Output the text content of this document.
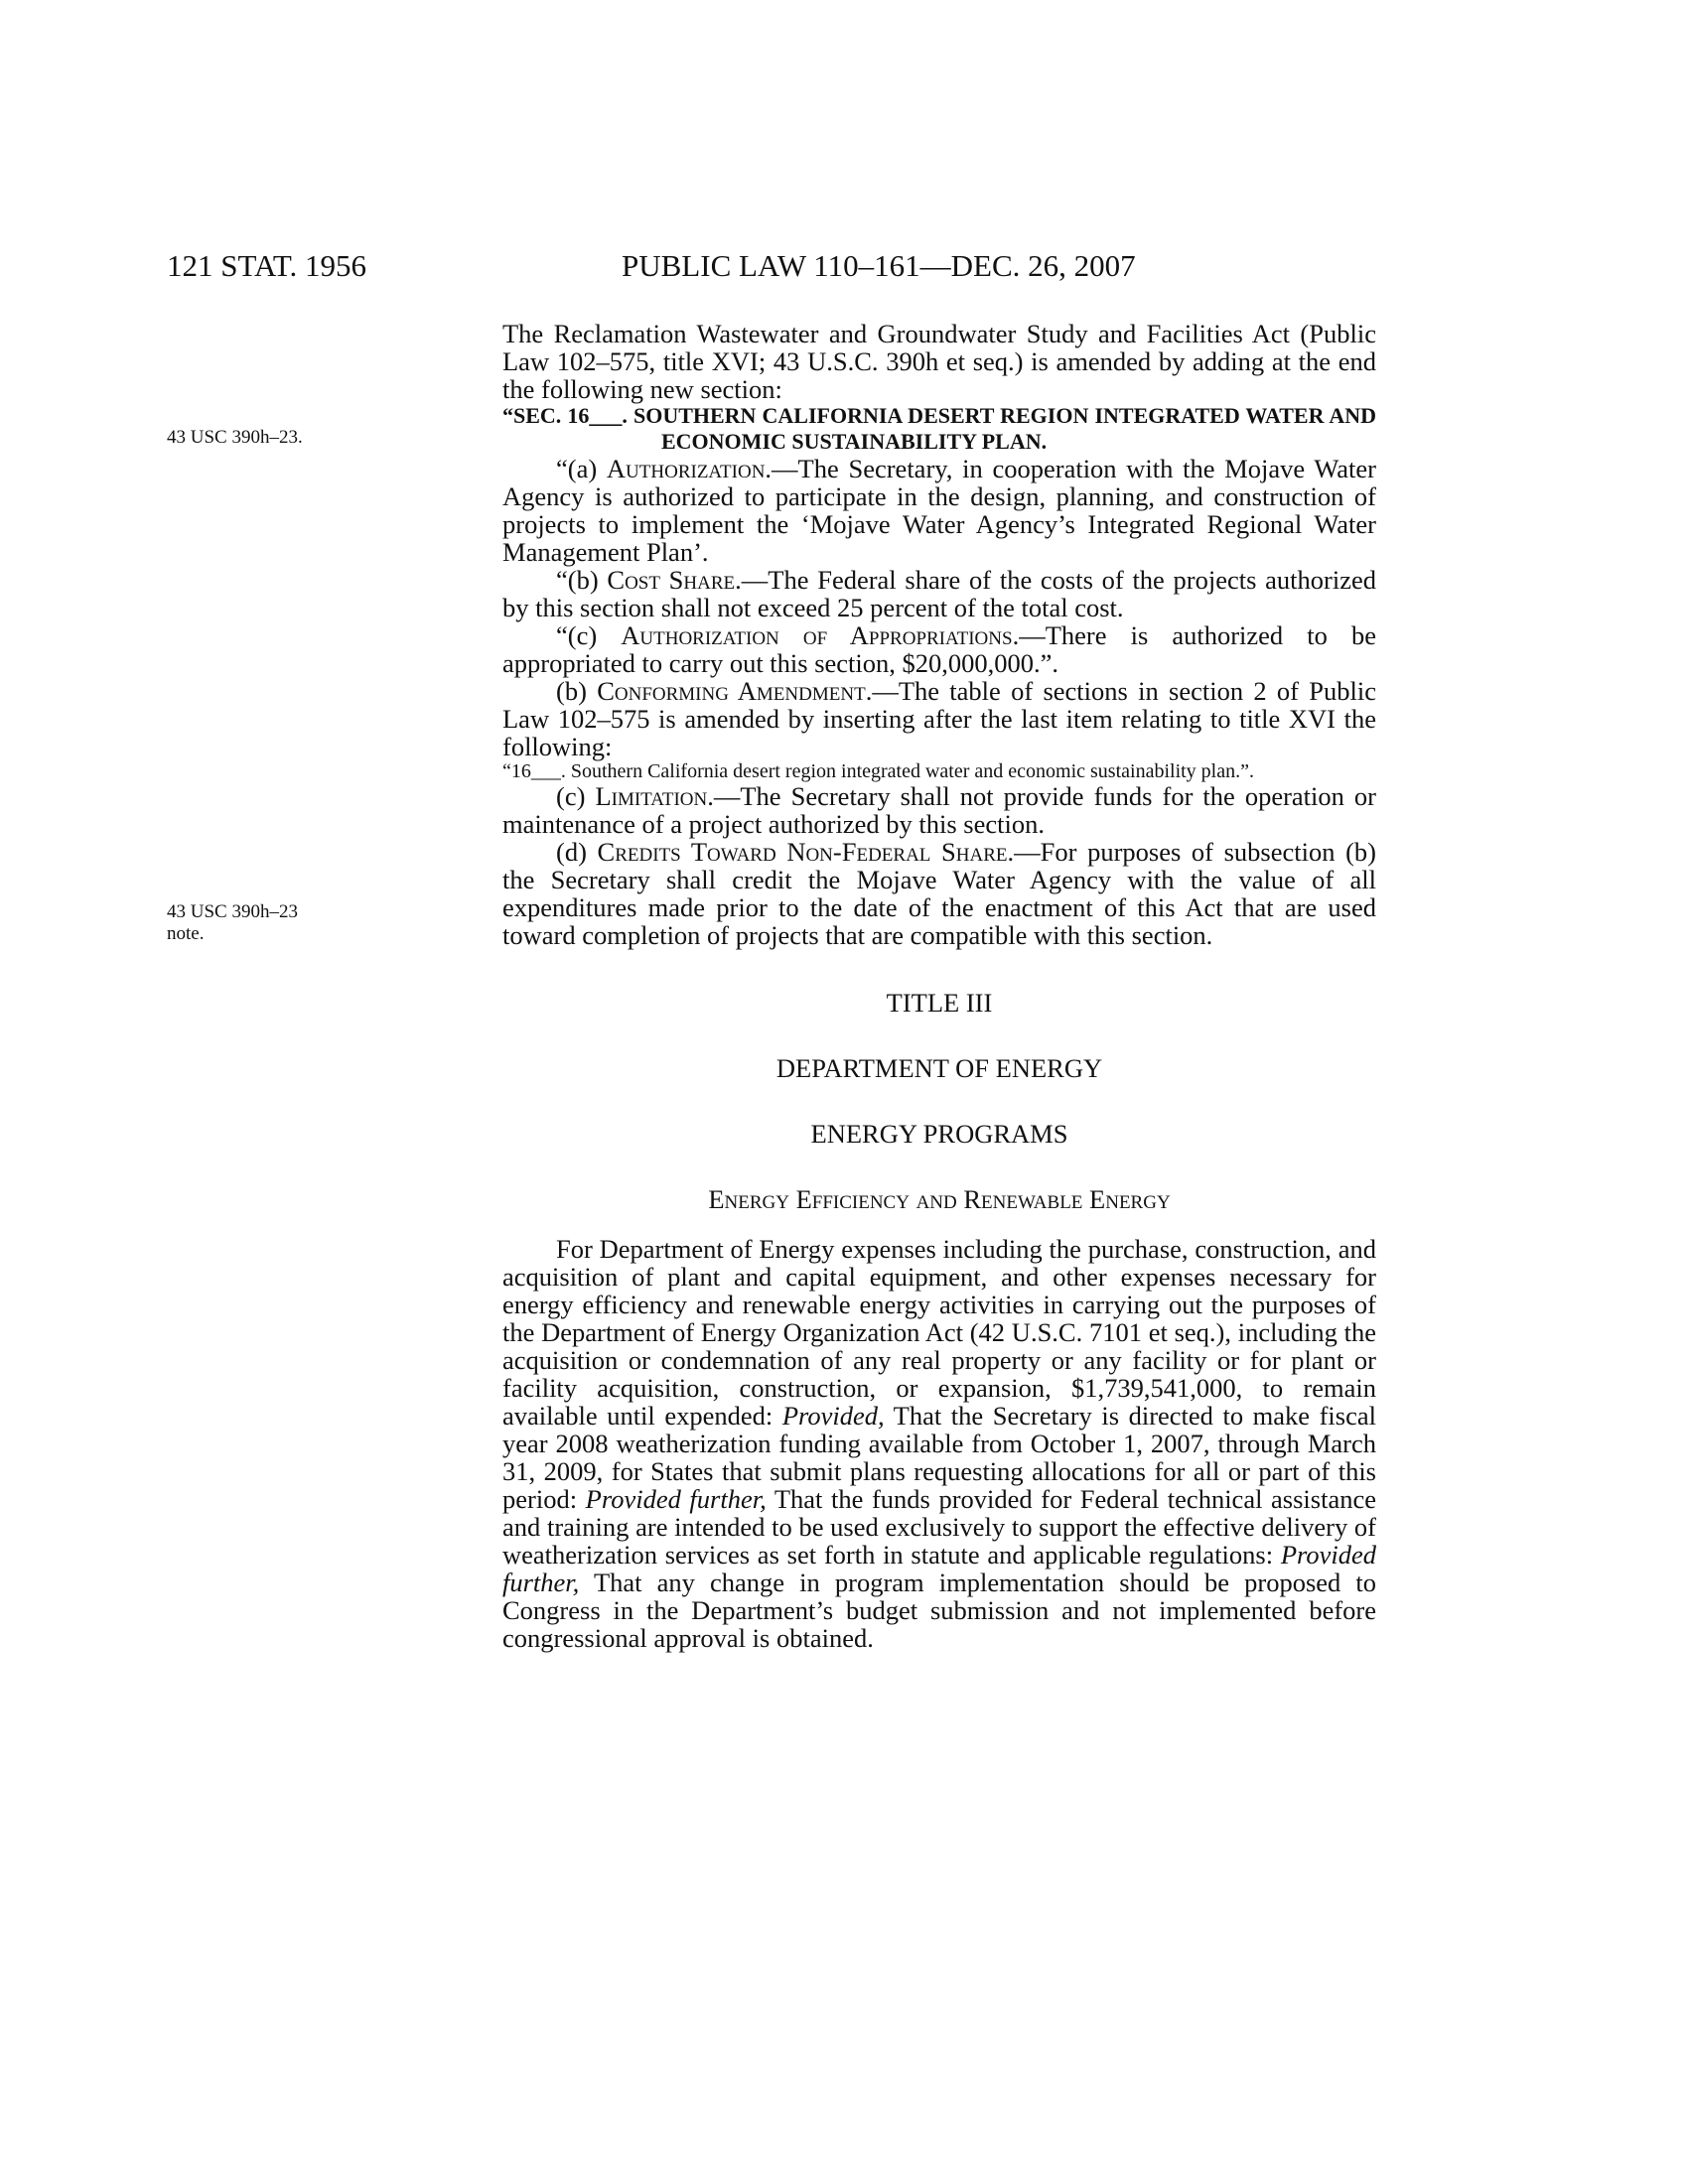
121 STAT. 1956	PUBLIC LAW 110–161—DEC. 26, 2007
43 USC 390h–23.
43 USC 390h–23
note.

The Reclamation Wastewater and Groundwater Study and Facilities Act (Public Law 102–575, title XVI; 43 U.S.C. 390h et seq.) is amended by adding at the end the following new section:

“SEC. 16___. SOUTHERN CALIFORNIA DESERT REGION INTEGRATED WATER AND ECONOMIC SUSTAINABILITY PLAN.

“(a) Authorization.—The Secretary, in cooperation with the Mojave Water Agency is authorized to participate in the design, planning, and construction of projects to implement the ‘Mojave Water Agency’s Integrated Regional Water Management Plan’.

“(b) Cost Share.—The Federal share of the costs of the projects authorized by this section shall not exceed 25 percent of the total cost.

“(c) Authorization of Appropriations.—There is authorized to be appropriated to carry out this section, $20,000,000.”.

(b) Conforming Amendment.—The table of sections in section 2 of Public Law 102–575 is amended by inserting after the last item relating to title XVI the following:

“16___. Southern California desert region integrated water and economic sustainability plan.”.

(c) Limitation.—The Secretary shall not provide funds for the operation or maintenance of a project authorized by this section.

(d) Credits Toward Non-Federal Share.—For purposes of subsection (b) the Secretary shall credit the Mojave Water Agency with the value of all expenditures made prior to the date of the enactment of this Act that are used toward completion of projects that are compatible with this section.

TITLE III

DEPARTMENT OF ENERGY

ENERGY PROGRAMS

Energy Efficiency and Renewable Energy

For Department of Energy expenses including the purchase, construction, and acquisition of plant and capital equipment, and other expenses necessary for energy efficiency and renewable energy activities in carrying out the purposes of the Department of Energy Organization Act (42 U.S.C. 7101 et seq.), including the acquisition or condemnation of any real property or any facility or for plant or facility acquisition, construction, or expansion, $1,739,541,000, to remain available until expended: Provided, That the Secretary is directed to make fiscal year 2008 weatherization funding available from October 1, 2007, through March 31, 2009, for States that submit plans requesting allocations for all or part of this period: Provided further, That the funds provided for Federal technical assistance and training are intended to be used exclusively to support the effective delivery of weatherization services as set forth in statute and applicable regulations: Provided further, That any change in program implementation should be proposed to Congress in the Department’s budget submission and not implemented before congressional approval is obtained.
